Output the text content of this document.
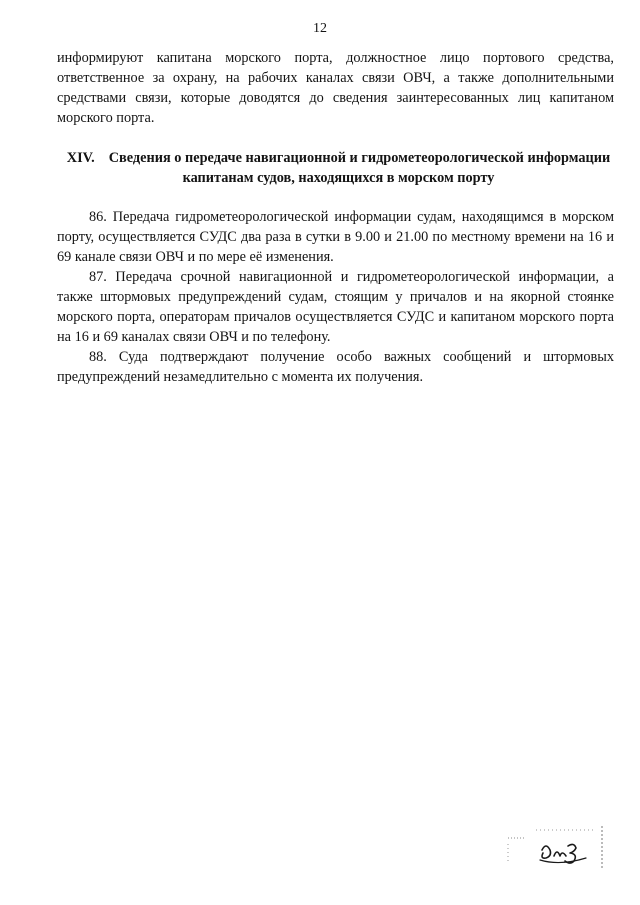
12
информируют капитана морского порта, должностное лицо портового средства, ответственное за охрану, на рабочих каналах связи ОВЧ, а также дополнительными средствами связи, которые доводятся до сведения заинтересованных лиц капитаном морского порта.
XIV. Сведения о передаче навигационной и гидрометеорологической информации капитанам судов, находящихся в морском порту

86. Передача гидрометеорологической информации судам, находящимся в морском порту, осуществляется СУДС два раза в сутки в 9.00 и 21.00 по местному времени на 16 и 69 канале связи ОВЧ и по мере её изменения.

87. Передача срочной навигационной и гидрометеорологической информации, а также штормовых предупреждений судам, стоящим у причалов и на якорной стоянке морского порта, операторам причалов осуществляется СУДС и капитаном морского порта на 16 и 69 каналах связи ОВЧ и по телефону.

88. Суда подтверждают получение особо важных сообщений и штормовых предупреждений незамедлительно с момента их получения.
